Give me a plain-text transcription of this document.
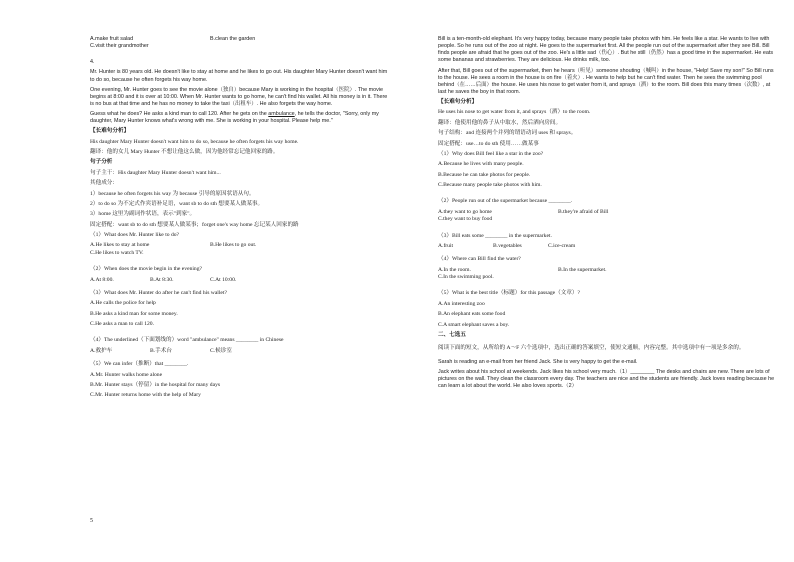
A.make fruit salad	B.clean the garden

C.visit their grandmother

4.

Mr. Hunter is 80 years old. He doesn't like to stay at home and he likes to go out. His daughter Mary Hunter doesn't want him to do so, because he often forgets his way home.

One evening, Mr. Hunter goes to see the movie alone（独自）because Mary is working in the hospital（医院）. The movie begins at 8:00 and it is over at 10:00. When Mr. Hunter wants to go home, he can't find his wallet. All his money is in it. There is no bus at that time and he has no money to take the taxi（出租车）. He also forgets the way home.

Guess what he does? He asks a kind man to call 120. After he gets on the ambulance, he tells the doctor, "Sorry, only my daughter, Mary Hunter knows what's wrong with me. She is working in your hospital. Please help me."

【长难句分析】

His daughter Mary Hunter doesn't want him to do so, because he often forgets his way home.

翻译：他的女儿 Mary Hunter 不想让他这么做，因为他经常忘记他回家的路。

句子分析

句子主干：His daughter Mary Hunter doesn't want him...

其他成分：

1）because he often forgets his way 为 because 引导的原因状语从句。

2）to do so 为不定式作宾语补足语，want sb to do sth 想要某人做某事。

3）home 这里为副词作状语，表示"到家"。

固定搭配：want sb to do sth 想要某人做某事；forget one's way home 忘记某人回家的路

（1）What does Mr. Hunter like to do?

A.He likes to stay at home	B.He likes to go out.

C.He likes to watch TV.

（2）When does the movie begin in the evening?

A.At 8:00.	B.At 8:30.	C.At 10:00.

（3）What does Mr. Hunter do after he can't find his wallet?

A.He calls the police for help

B.He asks a kind man for some money.

C.He asks a man to call 120.

（4）The underlined（下面划线的）word "ambulance" means ________ in Chinese

A.救护车	B.手术台	C.候诊室

（5）We can infer（推断）that ________.

A.Mr. Hunter walks home alone

B.Mr. Hunter stays（停留）in the hospital for many days

C.Mr. Hunter returns home with the help of Mary

5

Bill is a ten-month-old elephant. It's very happy today, because many people take photos with him. He feels like a star. He wants to live with people. So he runs out of the zoo at night. He goes to the supermarket first. All the people run out of the supermarket after they see Bill. Bill finds people are afraid that he goes out of the zoo. He's a little sad（伤心）. But he still（仍然）has a good time in the supermarket. He eats some bananas and strawberries. They are delicious. He drinks milk, too.

After that, Bill goes out of the supermarket, then he hears（听见）someone shouting（喊叫）in the house, "Help! Save my son!" So Bill runs to the house. He sees a room in the house is on fire（着火）. He wants to help but he can't find water. Then he sees the swimming pool behind（在……后面）the house. He uses his nose to get water from it, and sprays（洒）to the room. Bill does this many times（次数）, at last he saves the boy in that room.

【长难句分析】

He uses his nose to get water from it, and sprays（洒）to the room.

翻译：他使用他的鼻子从中取水，然后洒向房间。

句子结构：and 连接两个并列的谓语动词 uses 和 sprays。

固定搭配：use…to do sth 使用……做某事

（1）Why does Bill feel like a star in the zoo?

A.Because he lives with many people.

B.Because he can take photos for people.

C.Because many people take photos with him.

（2）People run out of the supermarket because ________.

A.they want to go home	B.they're afraid of Bill

C.they want to buy food

（3）Bill eats some ________ in the supermarket.

A.fruit	B.vegetables	C.ice-cream

（4）Where can Bill find the water?

A.In the room.	B.In the supermarket.

C.In the swimming pool.

（5）What is the best title（标题）for this passage（文章）?

A.An interesting zoo

B.An elephant eats some food

C.A smart elephant saves a boy.

二、七选五

阅读下面的短文，从所给的 A～F 六个选项中，选出正确的答案填空，使短文通顺，内容完整。其中选项中有一项是多余的。

Sarah is reading an e-mail from her friend Jack. She is very happy to get the e-mail.

Jack writes about his school at weekends. Jack likes his school very much.（1）________ The desks and chairs are new. There are lots of pictures on the wall. They clean the classroom every day. The teachers are nice and the students are friendly. Jack loves reading because he can learn a lot about the world. He also loves sports.（2）
